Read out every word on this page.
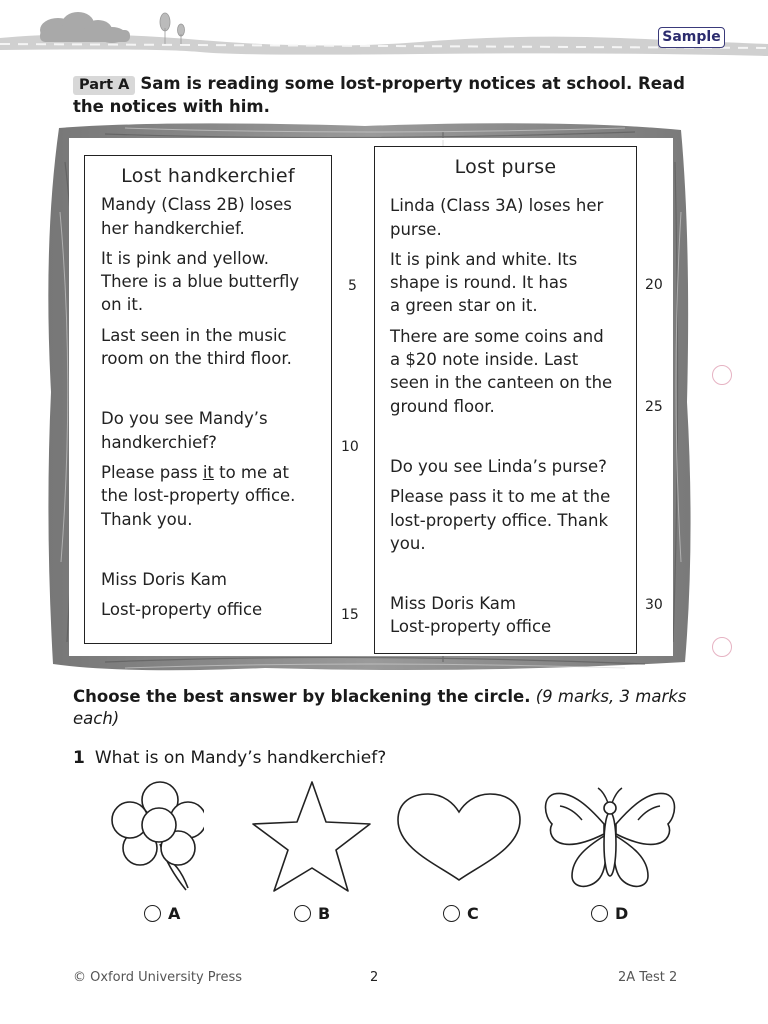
Sample
Part A Sam is reading some lost-property notices at school. Read the notices with him.
Lost handkerchief

Mandy (Class 2B) loses
her handkerchief.

It is pink and yellow.
There is a blue butterfly
on it.

Last seen in the music
room on the third floor.

Do you see Mandy’s
handkerchief?

Please pass it to me at
the lost-property office.
Thank you.

Miss Doris Kam

Lost-property office

5
10
15
Lost purse

Linda (Class 3A) loses her
purse.

It is pink and white. Its
shape is round. It has
a green star on it.

There are some coins and
a $20 note inside. Last
seen in the canteen on the
ground floor.

Do you see Linda’s purse?

Please pass it to me at the
lost-property office. Thank
you.

Miss Doris Kam
Lost-property office

20
25
30
Choose the best answer by blackening the circle. (9 marks, 3 marks each)
1 What is on Mandy’s handkerchief?
A	B	C	D
© Oxford University Press	2	2A Test 2
